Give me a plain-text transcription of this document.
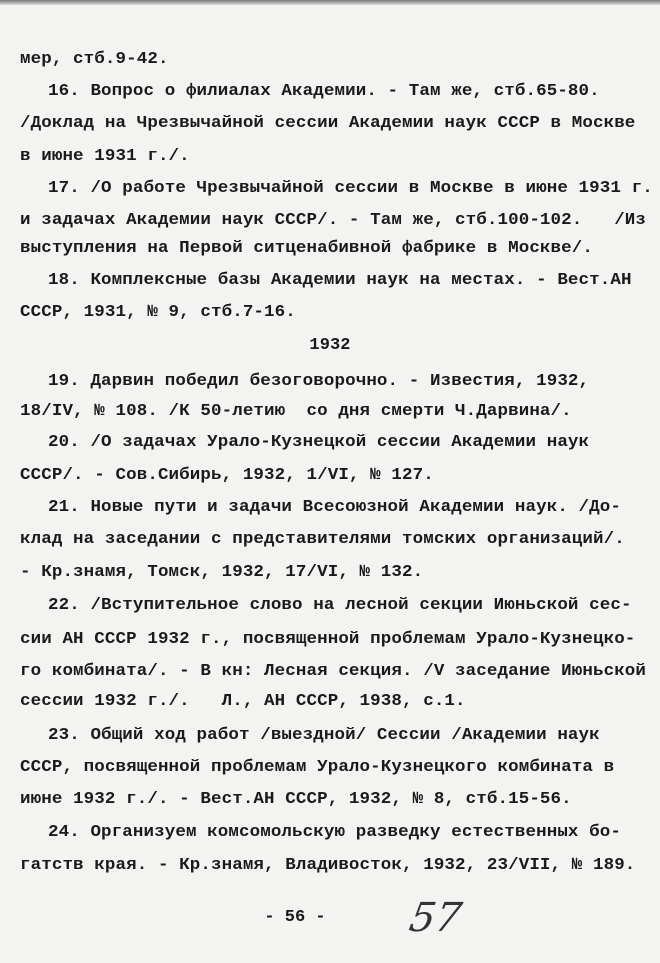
мер, стб.9-42.
16. Вопрос о филиалах Академии. - Там же, стб.65-80.
/Доклад на Чрезвычайной сессии Академии наук СССР в Москве
в июне 1931 г./.
17. /О работе Чрезвычайной сессии в Москве в июне 1931 г.
и задачах Академии наук СССР/. - Там же, стб.100-102.   /Из
выступления на Первой ситценабивной фабрике в Москве/.
18. Комплексные базы Академии наук на местах. - Вест.АН
СССР, 1931, № 9, стб.7-16.
1932
19. Дарвин победил безоговорочно. - Известия, 1932,
18/IV, № 108. /К 50-летию  со дня смерти Ч.Дарвина/.
20. /О задачах Урало-Кузнецкой сессии Академии наук
СССР/. - Сов.Сибирь, 1932, 1/VI, № 127.
21. Новые пути и задачи Всесоюзной Академии наук. /До-
клад на заседании с представителями томских организаций/.
- Кр.знамя, Томск, 1932, 17/VI, № 132.
22. /Вступительное слово на лесной секции Июньской сес-
сии АН СССР 1932 г., посвященной проблемам Урало-Кузнецко-
го комбината/. - В кн: Лесная секция. /V заседание Июньской
сессии 1932 г./.   Л., АН СССР, 1938, с.1.
23. Общий ход работ /выездной/ Сессии /Академии наук
СССР, посвященной проблемам Урало-Кузнецкого комбината в
июне 1932 г./. - Вест.АН СССР, 1932, № 8, стб.15-56.
24. Организуем комсомольскую разведку естественных бо-
гатств края. - Кр.знамя, Владивосток, 1932, 23/VII, № 189.
- 56 -	57
